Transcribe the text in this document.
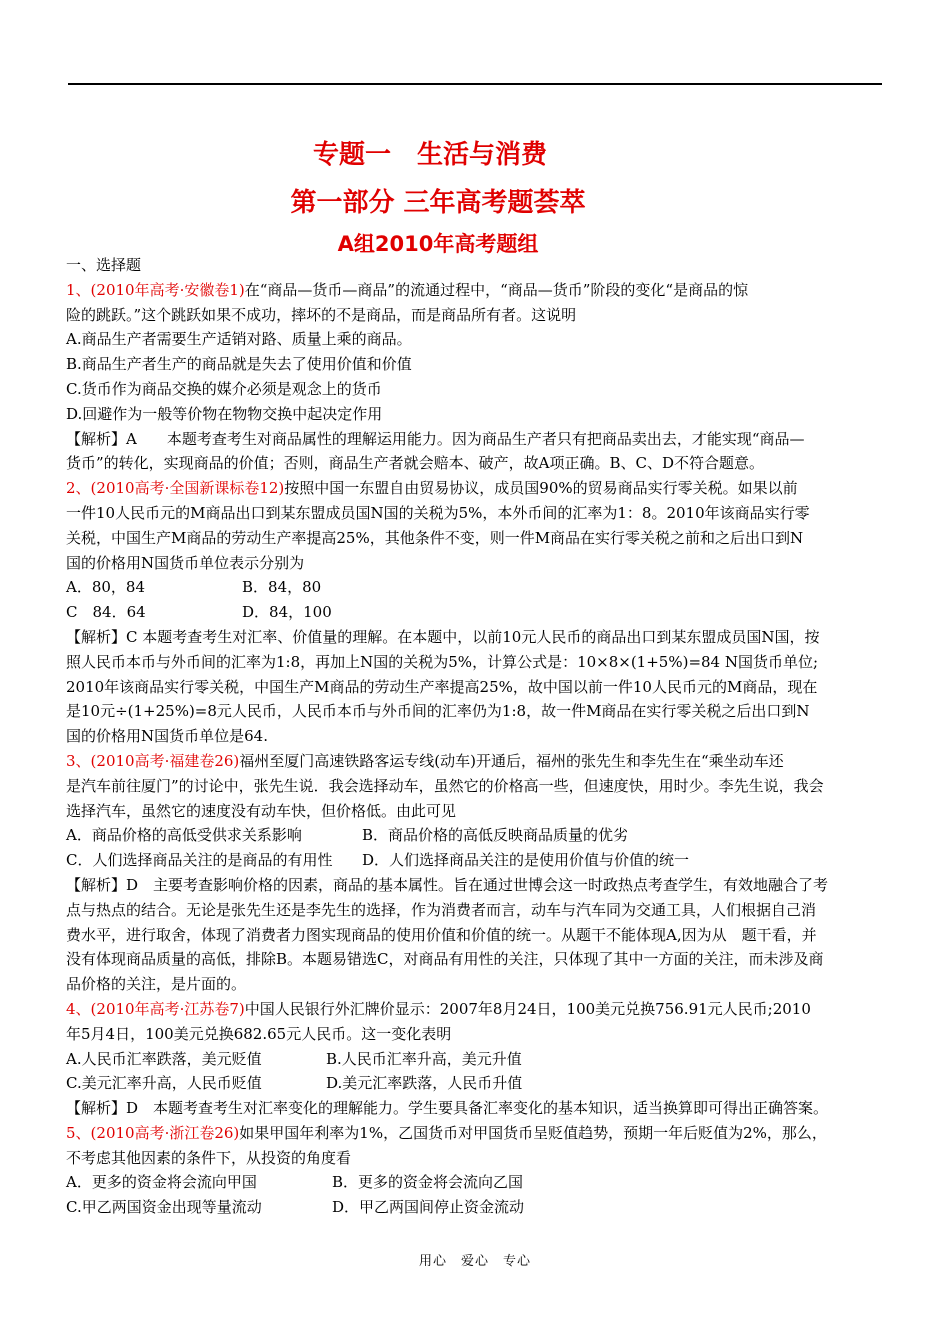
专题一　生活与消费
第一部分 三年高考题荟萃
A组2010年高考题组

一、选择题

1、(2010年高考·安徽卷1)在“商品—货币—商品”的流通过程中，“商品—货币”阶段的变化“是商品的惊

险的跳跃。”这个跳跃如果不成功，摔坏的不是商品，而是商品所有者。这说明

A.商品生产者需要生产适销对路、质量上乘的商品。

B.商品生产者生产的商品就是失去了使用价值和价值

C.货币作为商品交换的媒介必须是观念上的货币

D.回避作为一般等价物在物物交换中起决定作用

【解析】A　　本题考查考生对商品属性的理解运用能力。因为商品生产者只有把商品卖出去，才能实现“商品—

货币”的转化，实现商品的价值；否则，商品生产者就会赔本、破产，故A项正确。B、C、D不符合题意。

2、(2010高考·全国新课标卷12)按照中国一东盟自由贸易协议，成员国90%的贸易商品实行零关税。如果以前

一件10人民币元的M商品出口到某东盟成员国N国的关税为5%，本外币间的汇率为1：8。2010年该商品实行零

关税，中国生产M商品的劳动生产率提高25%，其他条件不变，则一件M商品在实行零关税之前和之后出口到N

国的价格用N国货币单位表示分别为

A．80，84	B．84，80

C　84．64	D．84，100

【解析】C 本题考查考生对汇率、价值量的理解。在本题中，以前10元人民币的商品出口到某东盟成员国N国，按

照人民币本币与外币间的汇率为1:8，再加上N国的关税为5%，计算公式是：10×8×(1+5%)=84 N国货币单位;

2010年该商品实行零关税，中国生产M商品的劳动生产率提高25%，故中国以前一件10人民币元的M商品，现在

是10元÷(1+25%)=8元人民币，人民币本币与外币间的汇率仍为1:8，故一件M商品在实行零关税之后出口到N

国的价格用N国货币单位是64.

3、(2010高考·福建卷26)福州至厦门高速铁路客运专线(动车)开通后，福州的张先生和李先生在“乘坐动车还

是汽车前往厦门”的讨论中，张先生说．我会选择动车，虽然它的价格高一些，但速度快，用时少。李先生说，我会

选择汽车，虽然它的速度没有动车快，但价格低。由此可见

A．商品价格的高低受供求关系影响	B．商品价格的高低反映商品质量的优劣

C．人们选择商品关注的是商品的有用性 D．人们选择商品关注的是使用价值与价值的统一

【解析】D　主要考查影响价格的因素，商品的基本属性。旨在通过世博会这一时政热点考查学生，有效地融合了考

点与热点的结合。无论是张先生还是李先生的选择，作为消费者而言，动车与汽车同为交通工具，人们根据自己消

费水平，进行取舍，体现了消费者力图实现商品的使用价值和价值的统一。从题干不能体现A,因为从　题干看，并

没有体现商品质量的高低，排除B。本题易错选C，对商品有用性的关注，只体现了其中一方面的关注，而未涉及商

品价格的关注，是片面的。

4、(2010年高考·江苏卷7)中国人民银行外汇牌价显示：2007年8月24日，100美元兑换756.91元人民币;2010

年5月4日，100美元兑换682.65元人民币。这一变化表明

A.人民币汇率跌落，美元贬值	B.人民币汇率升高，美元升值

C.美元汇率升高，人民币贬值	D.美元汇率跌落，人民币升值

【解析】D　本题考查考生对汇率变化的理解能力。学生要具备汇率变化的基本知识，适当换算即可得出正确答案。

5、(2010高考·浙江卷26)如果甲国年利率为1%，乙国货币对甲国货币呈贬值趋势，预期一年后贬值为2%，那么，

不考虑其他因素的条件下，从投资的角度看

A．更多的资金将会流向甲国	B．更多的资金将会流向乙国

C.甲乙两国资金出现等量流动	D．甲乙两国间停止资金流动

用心　爱心　专心
